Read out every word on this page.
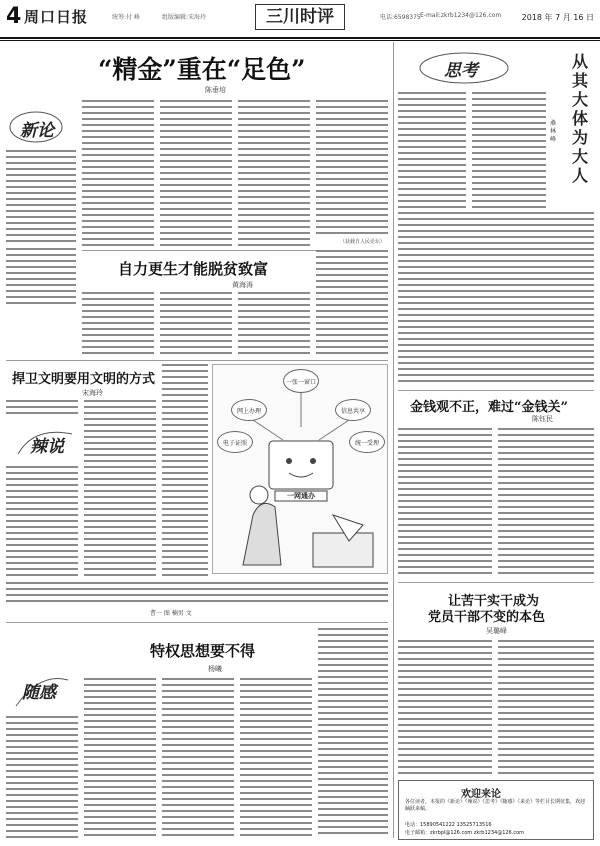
4 周口日报	统筹:付 峰	组版编辑:宋海玲	三川时评	电话:6598375 E-mail:zkrb1234@126.com	2018 年 7 月 16 日
“精金”重在“足色”
陈垂培
新论
（获载自人民论坛）
自力更生才能脱贫致富
黄海涛
捍卫文明要用文明的方式
宋海玲
辣说
一张一窗口
网上办理	信息共享
电子证照	统一受理
一网通办
曹一 图 楠男 文
随感
特权思想要不得
杨曦
思考	从其大体为大人
桑林峰
金钱观不正，难过“金钱关”
陈钰民
让苦干实干成为
党员干部不变的本色
吴璐峰
欢迎来论
各位读者，本报的《新论》《辣说》《思考》《随感》《来论》等栏目长期征集，欢迎踊跃来稿。
电话：15890541222 13525713516
电子邮箱：zkrbpl@126.com zkrb1234@126.com
